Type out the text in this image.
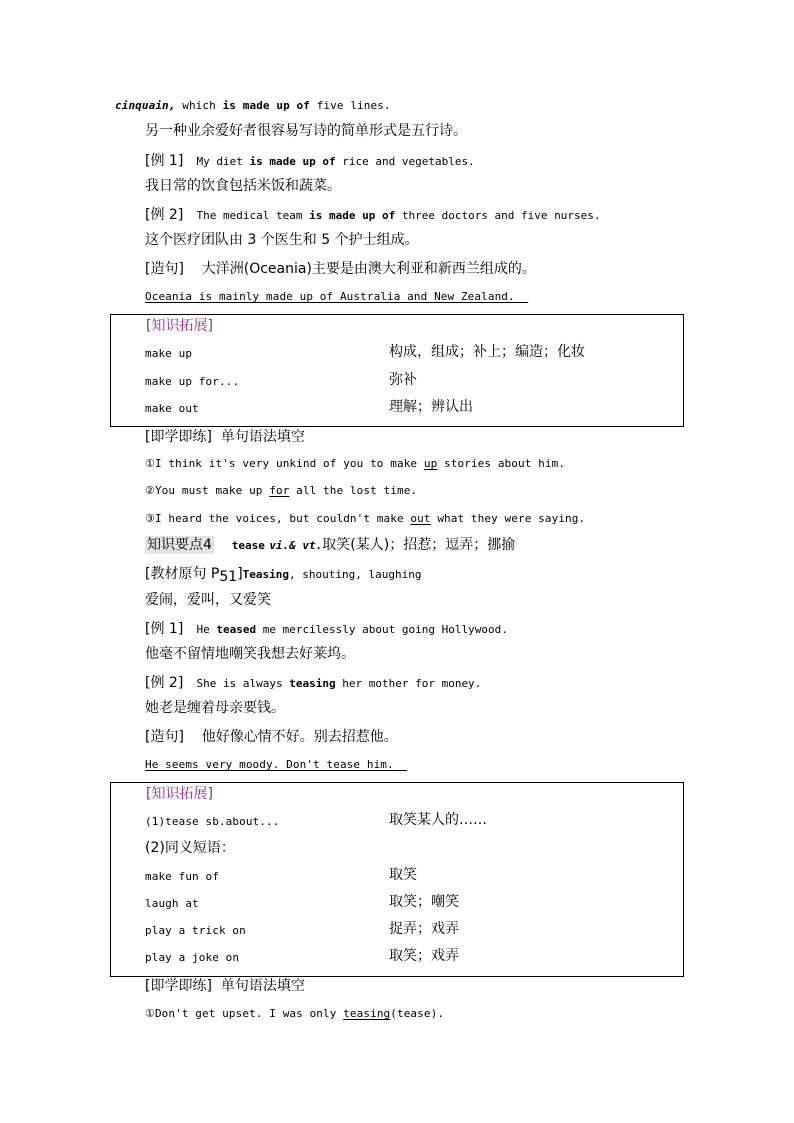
cinquain, which is made up of five lines.
另一种业余爱好者很容易写诗的简单形式是五行诗。
[例 1] My diet is made up of rice and vegetables.
我日常的饮食包括米饭和蔬菜。
[例 2] The medical team is made up of three doctors and five nurses.
这个医疗团队由 3 个医生和 5 个护士组成。
[造句] 大洋洲(Oceania)主要是由澳大利亚和新西兰组成的。
Oceania is mainly made up of Australia and New Zealand.
[知识拓展]
make up	构成，组成；补上；编造；化妆
make up for...	弥补
make out	理解；辨认出
[即学即练] 单句语法填空
①I think it's very unkind of you to make up stories about him.
②You must make up for all the lost time.
③I heard the voices, but couldn't make out what they were saying.
知识要点4 tease vi.& vt.取笑(某人)；招惹；逗弄；挪揄
[教材原句 P51]Teasing, shouting, laughing
爱闹，爱叫，又爱笑
[例 1] He teased me mercilessly about going Hollywood.
他毫不留情地嘲笑我想去好莱坞。
[例 2] She is always teasing her mother for money.
她老是缠着母亲要钱。
[造句] 他好像心情不好。别去招惹他。
He seems very moody. Don't tease him.
[知识拓展]
(1)tease sb.about...	取笑某人的……
(2)同义短语：
make fun of	取笑
laugh at	取笑；嘲笑
play a trick on	捉弄；戏弄
play a joke on	取笑；戏弄
[即学即练] 单句语法填空
①Don't get upset. I was only teasing(tease).
